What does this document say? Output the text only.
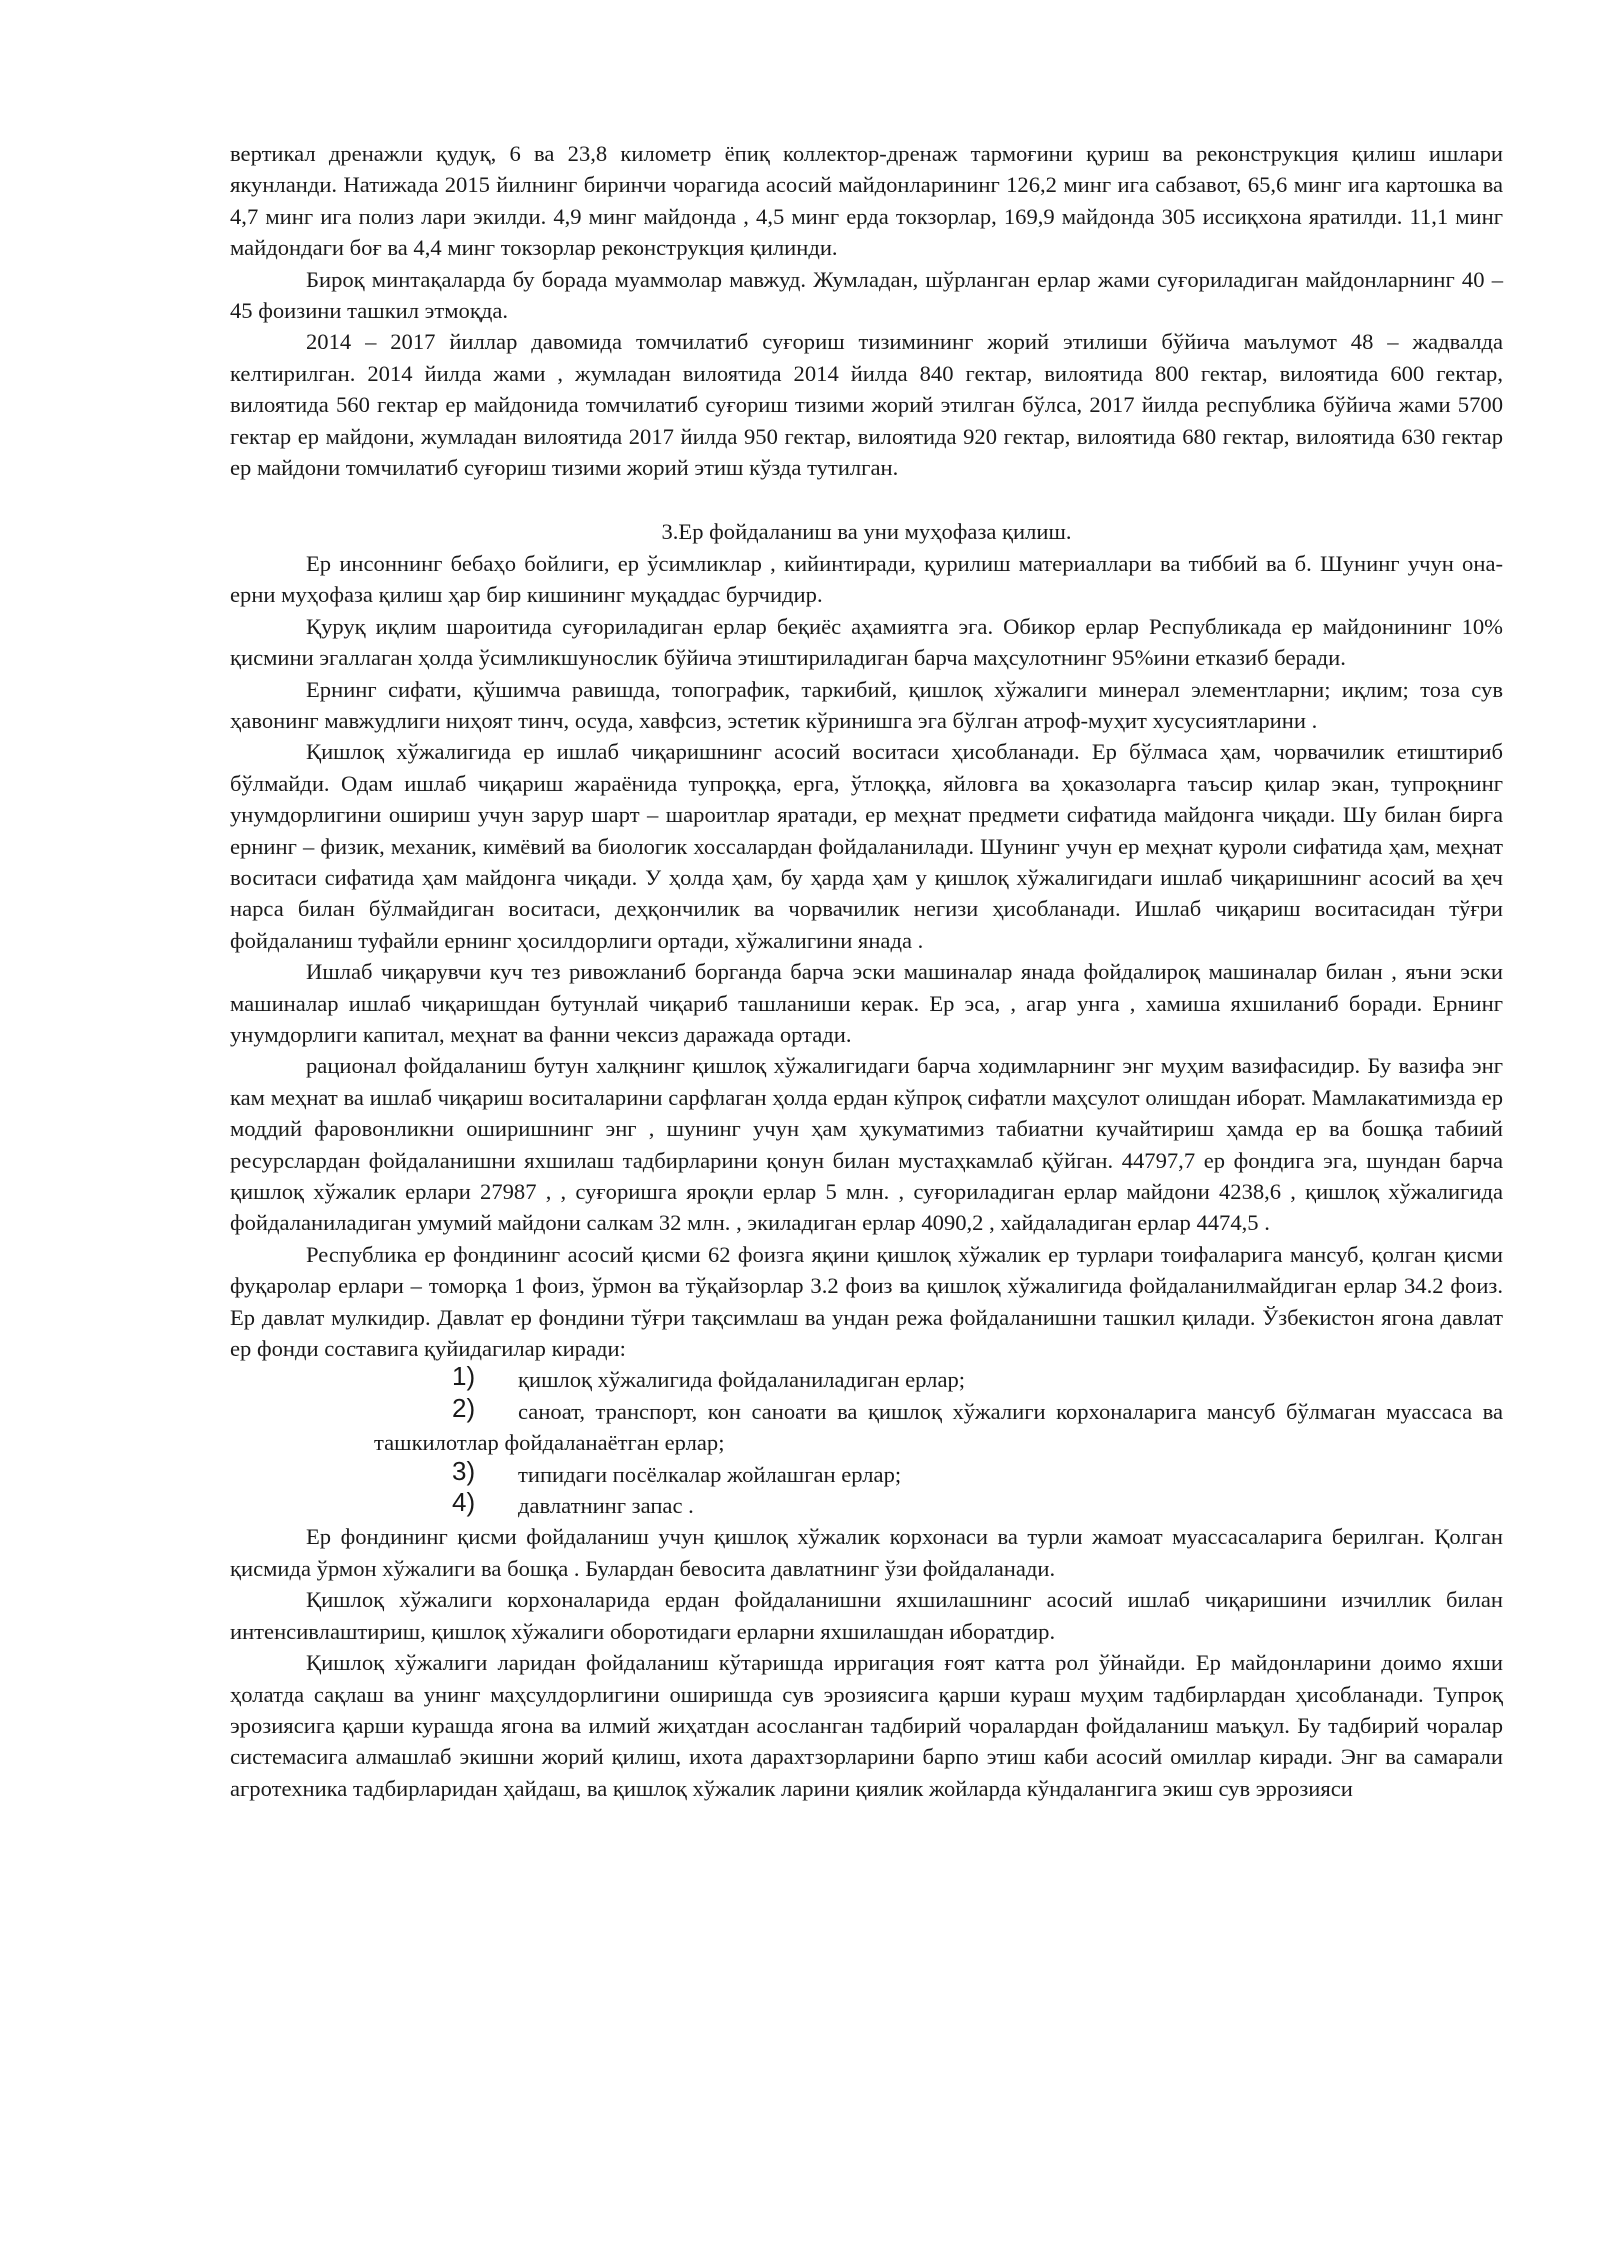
вертикал дренажли қудуқ, 6 ва 23,8 километр ёпиқ коллектор-дренаж тармоғини қуриш ва реконструкция қилиш ишлари якунланди. Натижада 2015 йилнинг биринчи чорагида асосий майдонларининг 126,2 минг ига сабзавот, 65,6 минг ига картошка ва 4,7 минг ига полиз лари экилди. 4,9 минг майдонда , 4,5 минг ерда токзорлар, 169,9 майдонда 305 иссиқхона яратилди. 11,1 минг майдондаги боғ ва 4,4 минг токзорлар реконструкция қилинди.

Бироқ минтақаларда бу борада муаммолар мавжуд. Жумладан, шўрланган ерлар жами суғориладиган майдонларнинг 40 – 45 фоизини ташкил этмоқда.

2014 – 2017 йиллар давомида томчилатиб суғориш тизимининг жорий этилиши бўйича маълумот 48 – жадвалда келтирилган. 2014 йилда жами , жумладан вилоятида 2014 йилда 840 гектар, вилоятида 800 гектар, вилоятида 600 гектар, вилоятида 560 гектар ер майдонида томчилатиб суғориш тизими жорий этилган бўлса, 2017 йилда республика бўйича жами 5700 гектар ер майдони, жумладан вилоятида 2017 йилда 950 гектар, вилоятида 920 гектар, вилоятида 680 гектар, вилоятида 630 гектар ер майдони томчилатиб суғориш тизими жорий этиш кўзда тутилган.

3.Ер фойдаланиш ва уни муҳофаза қилиш.

Ер инсоннинг бебаҳо бойлиги, ер ўсимликлар , кийинтиради, қурилиш материаллари ва тиббий ва б. Шунинг учун она-ерни муҳофаза қилиш ҳар бир кишининг муқаддас бурчидир.

Қуруқ иқлим шароитида суғориладиган ерлар беқиёс аҳамиятга эга. Обикор ерлар Республикада ер майдонининг 10% қисмини эгаллаган ҳолда ўсимликшунослик бўйича этиштириладиган барча маҳсулотнинг 95%ини етказиб беради.

Ернинг сифати, қўшимча равишда, топографик, таркибий, қишлоқ хўжалиги минерал элементларни; иқлим; тоза сув ҳавонинг мавжудлиги ниҳоят тинч, осуда, хавфсиз, эстетик кўринишга эга бўлган атроф-муҳит хусусиятларини .

Қишлоқ хўжалигида ер ишлаб чиқаришнинг асосий воситаси ҳисобланади. Ер бўлмаса ҳам, чорвачилик етиштириб бўлмайди. Одам ишлаб чиқариш жараёнида тупроққа, ерга, ўтлоққа, яйловга ва ҳоказоларга таъсир қилар экан, тупроқнинг унумдорлигини ошириш учун зарур шарт – шароитлар яратади, ер меҳнат предмети сифатида майдонга чиқади. Шу билан бирга ернинг – физик, механик, кимёвий ва биологик хоссалардан фойдаланилади. Шунинг учун ер меҳнат қуроли сифатида ҳам, меҳнат воситаси сифатида ҳам майдонга чиқади. У ҳолда ҳам, бу ҳарда ҳам у қишлоқ хўжалигидаги ишлаб чиқаришнинг асосий ва ҳеч нарса билан бўлмайдиган воситаси, деҳқончилик ва чорвачилик негизи ҳисобланади. Ишлаб чиқариш воситасидан тўғри фойдаланиш туфайли ернинг ҳосилдорлиги ортади, хўжалигини янада .

Ишлаб чиқарувчи куч тез ривожланиб борганда барча эски машиналар янада фойдалироқ машиналар билан , яъни эски машиналар ишлаб чиқаришдан бутунлай чиқариб ташланиши керак. Ер эса, , агар унга , хамиша яхшиланиб боради. Ернинг унумдорлиги капитал, меҳнат ва фанни чексиз даражада ортади.

рационал фойдаланиш бутун халқнинг қишлоқ хўжалигидаги барча ходимларнинг энг муҳим вазифасидир. Бу вазифа энг кам меҳнат ва ишлаб чиқариш воситаларини сарфлаган ҳолда ердан кўпроқ сифатли маҳсулот олишдан иборат. Мамлакатимизда ер моддий фаровонликни оширишнинг энг , шунинг учун ҳам ҳукуматимиз табиатни кучайтириш ҳамда ер ва бошқа табиий ресурслардан фойдаланишни яхшилаш тадбирларини қонун билан мустаҳкамлаб қўйган. 44797,7 ер фондига эга, шундан барча қишлоқ хўжалик ерлари 27987 , , суғоришга яроқли ерлар 5 млн. , суғориладиган ерлар майдони 4238,6 , қишлоқ хўжалигида фойдаланиладиган умумий майдони салкам 32 млн. , экиладиган ерлар 4090,2 , хайдаладиган ерлар 4474,5 .

Республика ер фондининг асосий қисми 62 фоизга яқини қишлоқ хўжалик ер турлари тоифаларига мансуб, қолган қисми фуқаролар ерлари – томорқа 1 фоиз, ўрмон ва тўқайзорлар 3.2 фоиз ва қишлоқ хўжалигида фойдаланилмайдиган ерлар 34.2 фоиз. Ер давлат мулкидир. Давлат ер фондини тўғри тақсимлаш ва ундан режа фойдаланишни ташкил қилади. Ўзбекистон ягона давлат ер фонди составига қуйидагилар киради:

1)	қишлоқ хўжалигида фойдаланиладиган ерлар;

2)	саноат, транспорт, кон саноати ва қишлоқ хўжалиги корхоналарига мансуб бўлмаган муассаса ва ташкилотлар фойдаланаётган ерлар;

3)	типидаги посёлкалар жойлашган ерлар;

4)	давлатнинг запас .

Ер фондининг қисми фойдаланиш учун қишлоқ хўжалик корхонаси ва турли жамоат муассасаларига берилган. Қолган қисмида ўрмон хўжалиги ва бошқа . Булардан бевосита давлатнинг ўзи фойдаланади.

Қишлоқ хўжалиги корхоналарида ердан фойдаланишни яхшилашнинг асосий ишлаб чиқаришини изчиллик билан интенсивлаштириш, қишлоқ хўжалиги оборотидаги ерларни яхшилашдан иборатдир.

Қишлоқ хўжалиги ларидан фойдаланиш кўтаришда ирригация ғоят катта рол ўйнайди. Ер майдонларини доимо яхши ҳолатда сақлаш ва унинг маҳсулдорлигини оширишда сув эрозиясига қарши кураш муҳим тадбирлардан ҳисобланади. Тупроқ эрозиясига қарши курашда ягона ва илмий жиҳатдан асосланган тадбирий чоралардан фойдаланиш маъқул. Бу тадбирий чоралар системасига алмашлаб экишни жорий қилиш, ихота дарахтзорларини барпо этиш каби асосий омиллар киради. Энг ва самарали агротехника тадбирларидан ҳайдаш, ва қишлоқ хўжалик ларини қиялик жойларда кўндалангига экиш сув эррозияси
